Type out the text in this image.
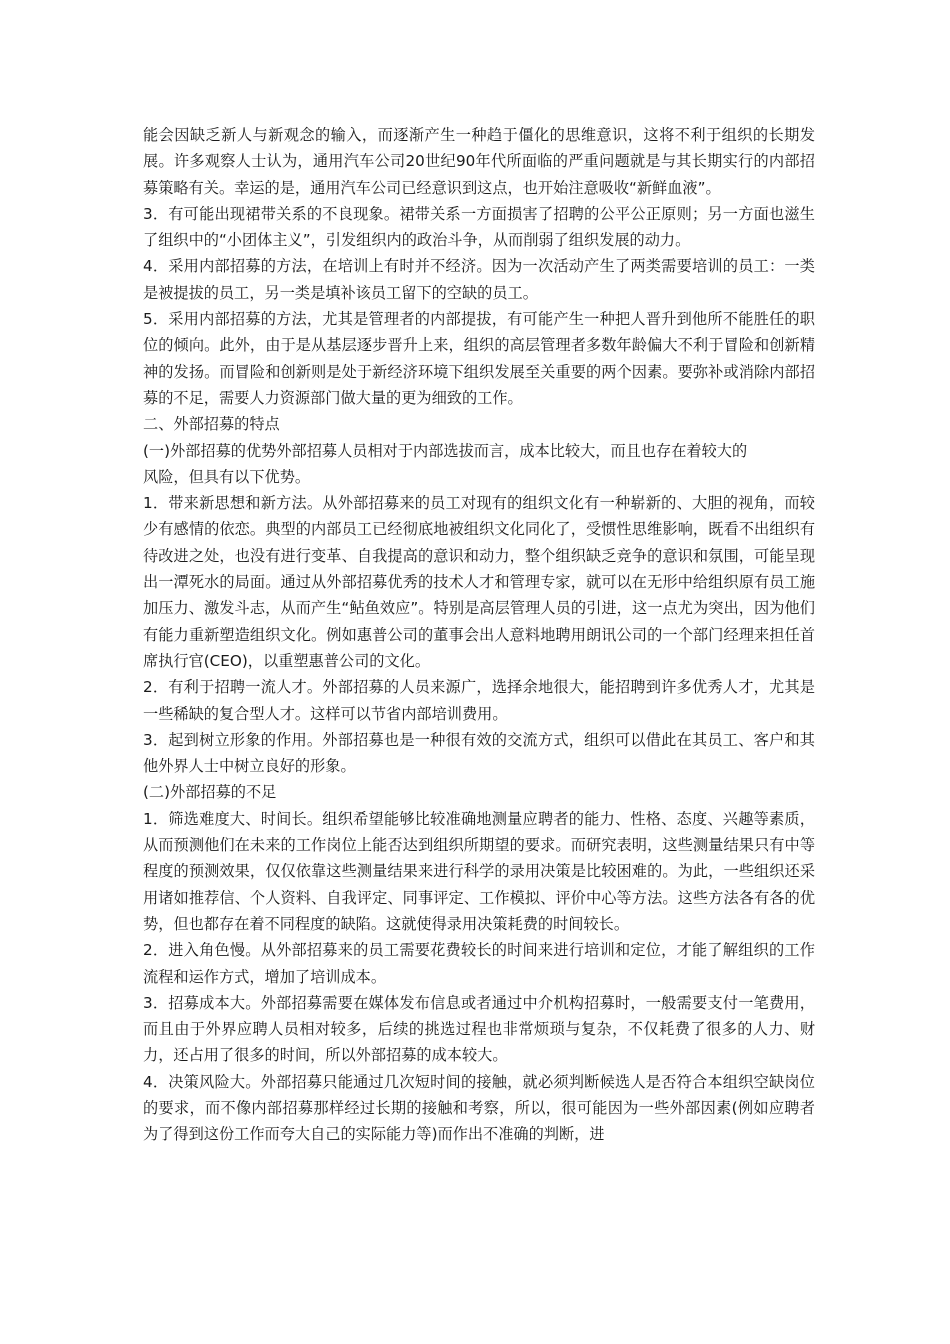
能会因缺乏新人与新观念的输入，而逐渐产生一种趋于僵化的思维意识，这将不利于组织的长期发展。许多观察人士认为，通用汽车公司20世纪90年代所面临的严重问题就是与其长期实行的内部招募策略有关。幸运的是，通用汽车公司已经意识到这点，也开始注意吸收“新鲜血液”。

3．有可能出现裙带关系的不良现象。裙带关系一方面损害了招聘的公平公正原则；另一方面也滋生了组织中的“小团体主义”，引发组织内的政治斗争，从而削弱了组织发展的动力。

4．采用内部招募的方法，在培训上有时并不经济。因为一次活动产生了两类需要培训的员工：一类是被提拔的员工，另一类是填补该员工留下的空缺的员工。

5．采用内部招募的方法，尤其是管理者的内部提拔，有可能产生一种把人晋升到他所不能胜任的职位的倾向。此外，由于是从基层逐步晋升上来，组织的高层管理者多数年龄偏大不利于冒险和创新精神的发扬。而冒险和创新则是处于新经济环境下组织发展至关重要的两个因素。要弥补或消除内部招募的不足，需要人力资源部门做大量的更为细致的工作。

二、外部招募的特点

(一)外部招募的优势外部招募人员相对于内部选拔而言，成本比较大，而且也存在着较大的

风险，但具有以下优势。

1．带来新思想和新方法。从外部招募来的员工对现有的组织文化有一种崭新的、大胆的视角，而较少有感情的依恋。典型的内部员工已经彻底地被组织文化同化了，受惯性思维影响，既看不出组织有待改进之处，也没有进行变革、自我提高的意识和动力，整个组织缺乏竞争的意识和氛围，可能呈现出一潭死水的局面。通过从外部招募优秀的技术人才和管理专家，就可以在无形中给组织原有员工施加压力、激发斗志，从而产生“鲇鱼效应”。特别是高层管理人员的引进，这一点尤为突出，因为他们有能力重新塑造组织文化。例如惠普公司的董事会出人意料地聘用朗讯公司的一个部门经理来担任首席执行官(CEO)，以重塑惠普公司的文化。

2．有利于招聘一流人才。外部招募的人员来源广，选择余地很大，能招聘到许多优秀人才，尤其是一些稀缺的复合型人才。这样可以节省内部培训费用。

3．起到树立形象的作用。外部招募也是一种很有效的交流方式，组织可以借此在其员工、客户和其他外界人士中树立良好的形象。

(二)外部招募的不足

1．筛选难度大、时间长。组织希望能够比较准确地测量应聘者的能力、性格、态度、兴趣等素质，从而预测他们在未来的工作岗位上能否达到组织所期望的要求。而研究表明，这些测量结果只有中等程度的预测效果，仅仅依靠这些测量结果来进行科学的录用决策是比较困难的。为此，一些组织还采用诸如推荐信、个人资料、自我评定、同事评定、工作模拟、评价中心等方法。这些方法各有各的优势，但也都存在着不同程度的缺陷。这就使得录用决策耗费的时间较长。

2．进入角色慢。从外部招募来的员工需要花费较长的时间来进行培训和定位，才能了解组织的工作流程和运作方式，增加了培训成本。

3．招募成本大。外部招募需要在媒体发布信息或者通过中介机构招募时，一般需要支付一笔费用，而且由于外界应聘人员相对较多，后续的挑选过程也非常烦琐与复杂，不仅耗费了很多的人力、财力，还占用了很多的时间，所以外部招募的成本较大。

4．决策风险大。外部招募只能通过几次短时间的接触，就必须判断候选人是否符合本组织空缺岗位的要求，而不像内部招募那样经过长期的接触和考察，所以，很可能因为一些外部因素(例如应聘者为了得到这份工作而夸大自己的实际能力等)而作出不准确的判断，进
